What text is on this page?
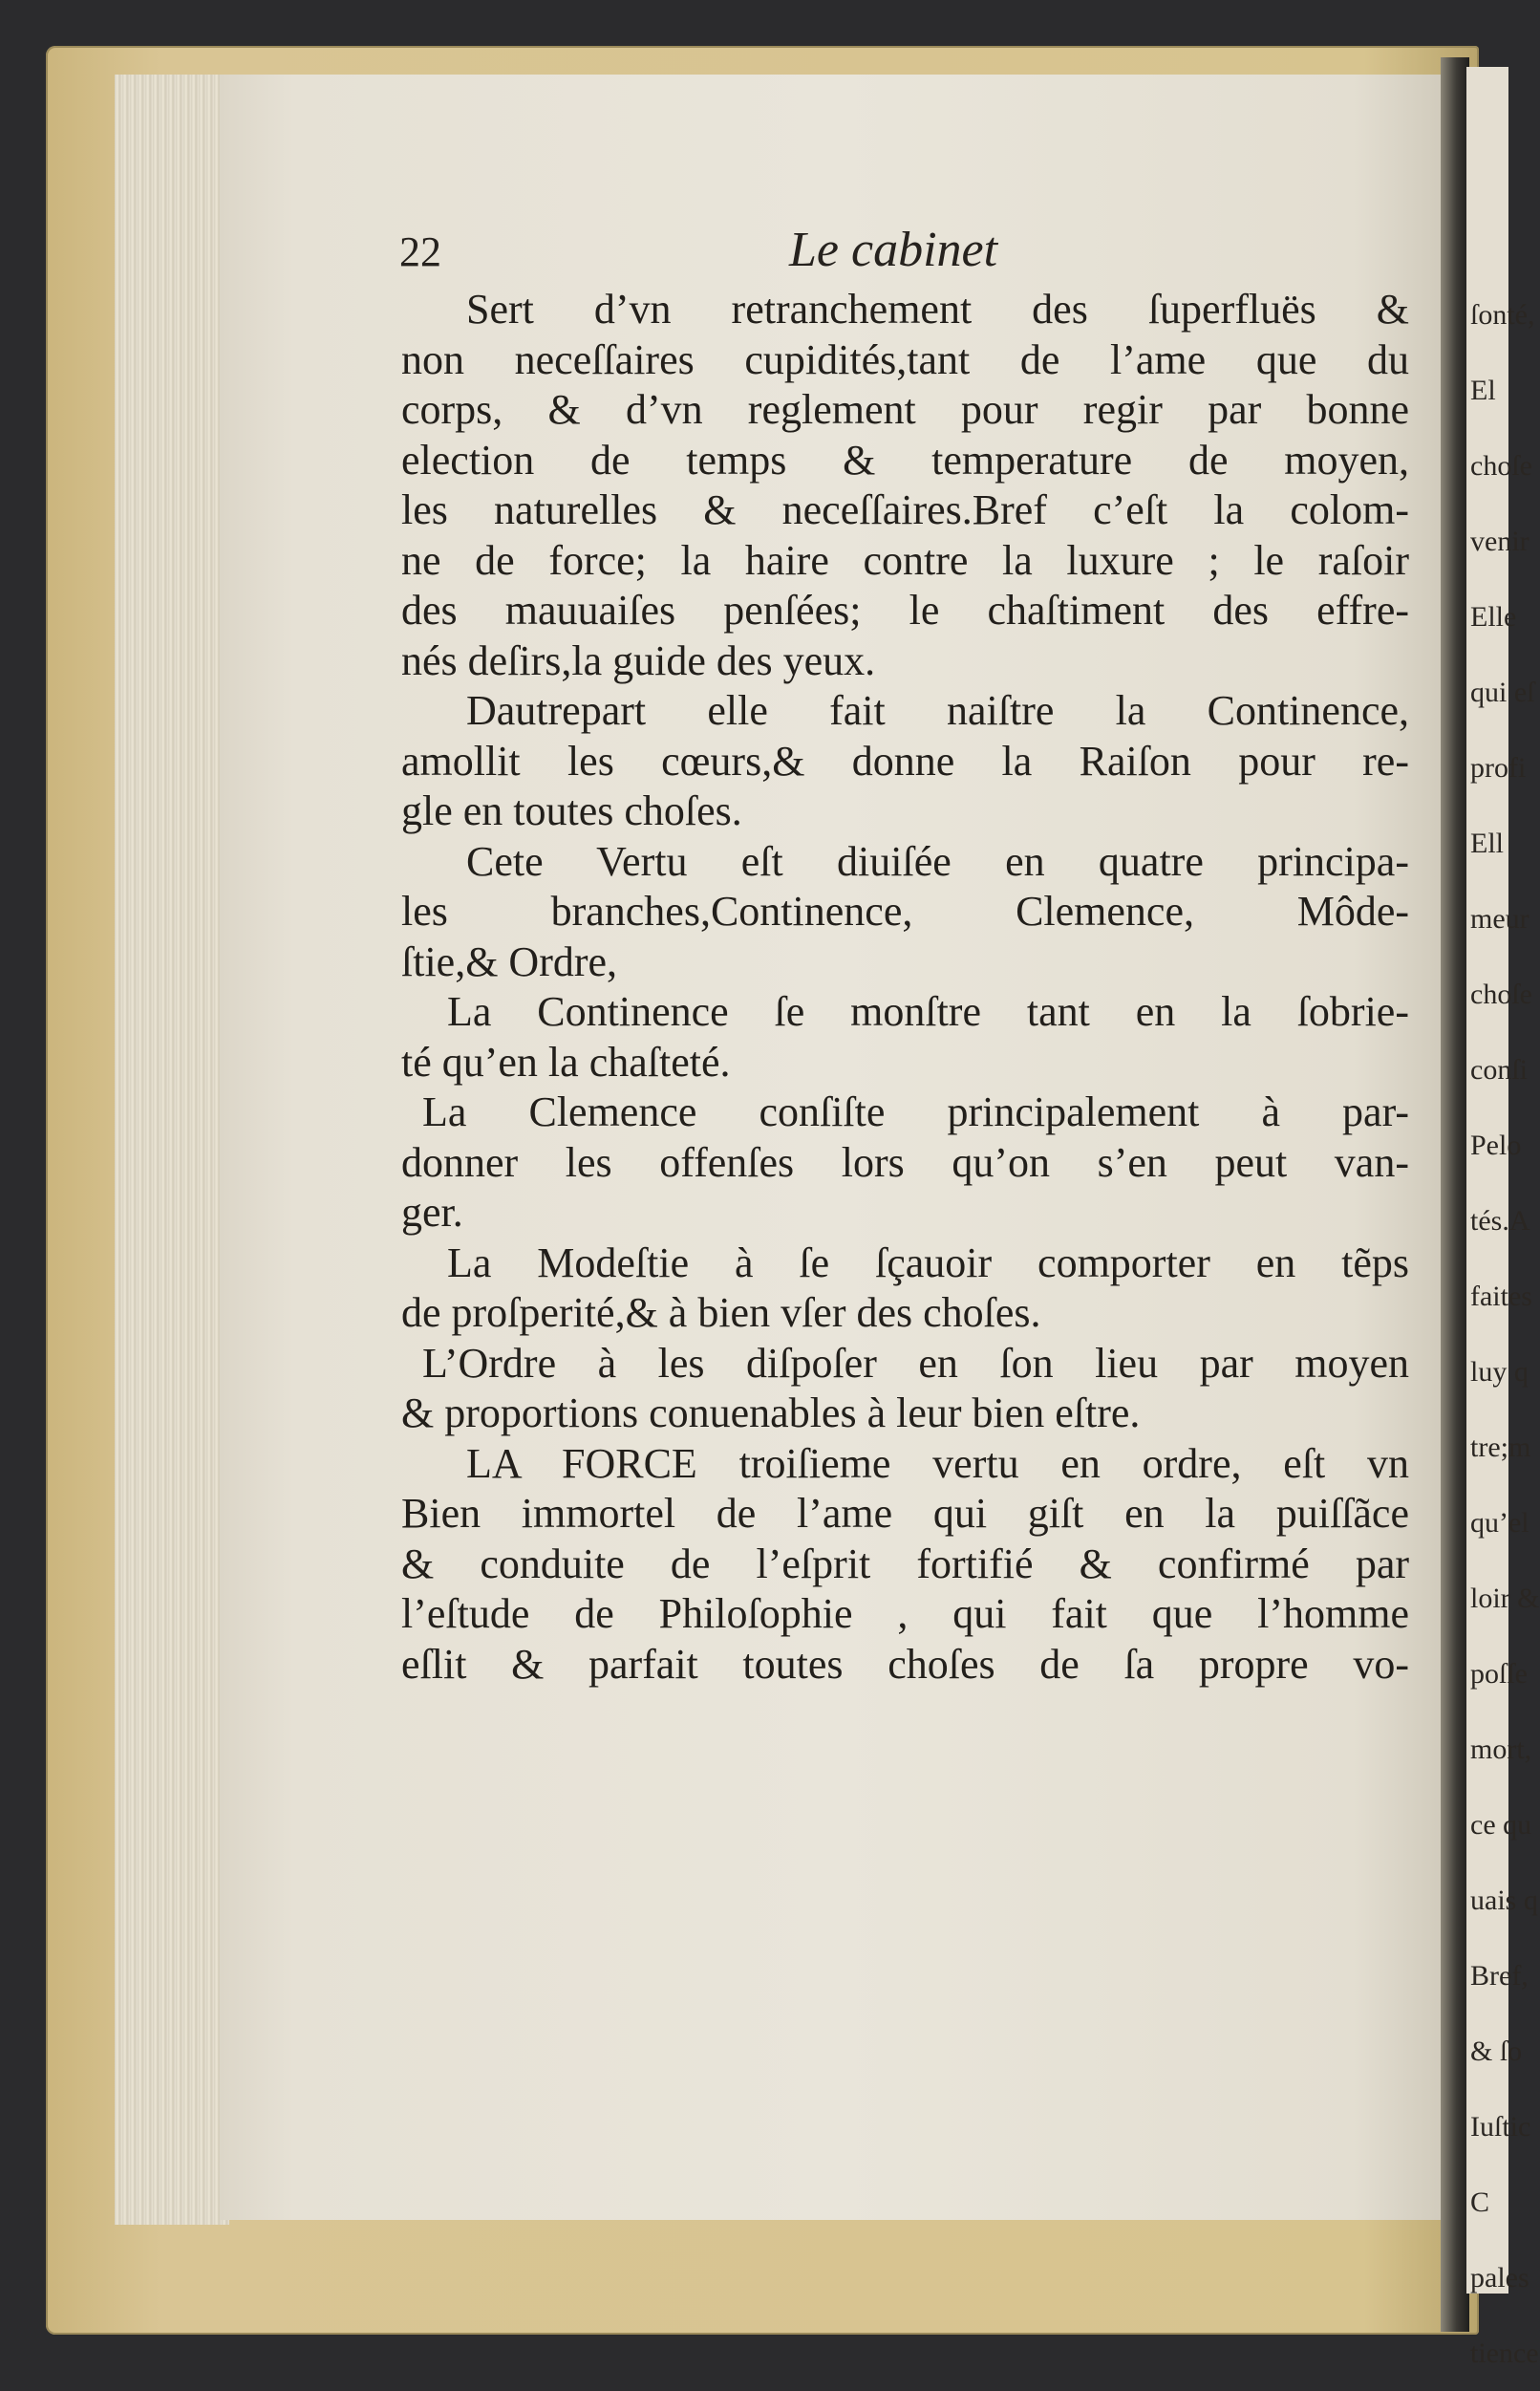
ſonté,
El
choſe
venir
Elle
qui eſ
profi
Ell
meur
choſe
conſi
Pelo
tés.A
faites
luy q
tre;m
qu’el
loir &
poſſe
mort,
ce qu
uais q
Bref,
& ſo
Iuſtic
C
pales
tience
22	Le cabinet
Sert d’vn retranchement des ſuperfluës &
non neceſſaires cupidités,tant de l’ame que du
corps, & d’vn reglement pour regir par bonne
election de temps & temperature de moyen,
les naturelles & neceſſaires.Bref c’eſt la colom-
ne de force; la haire contre la luxure ; le raſoir
des mauuaiſes penſées; le chaſtiment des effre-
nés deſirs,la guide des yeux.
Dautrepart elle fait naiſtre la Continence,
amollit les cœurs,& donne la Raiſon pour re-
gle en toutes choſes.
Cete Vertu eſt diuiſée en quatre principa-
les branches,Continence, Clemence, Môde-
ſtie,& Ordre,
La Continence ſe monſtre tant en la ſobrie-
té qu’en la chaſteté.
La Clemence conſiſte principalement à par-
donner les offenſes lors qu’on s’en peut van-
ger.
La Modeſtie à ſe ſçauoir comporter en tẽps
de proſperité,& à bien vſer des choſes.
L’Ordre à les diſpoſer en ſon lieu par moyen
& proportions conuenables à leur bien eſtre.
LA FORCE troiſieme vertu en ordre, eſt vn
Bien immortel de l’ame qui giſt en la puiſſãce
& conduite de l’eſprit fortifié & confirmé par
l’eſtude de Philoſophie , qui fait que l’homme
eſlit & parfait toutes choſes de ſa propre vo-
